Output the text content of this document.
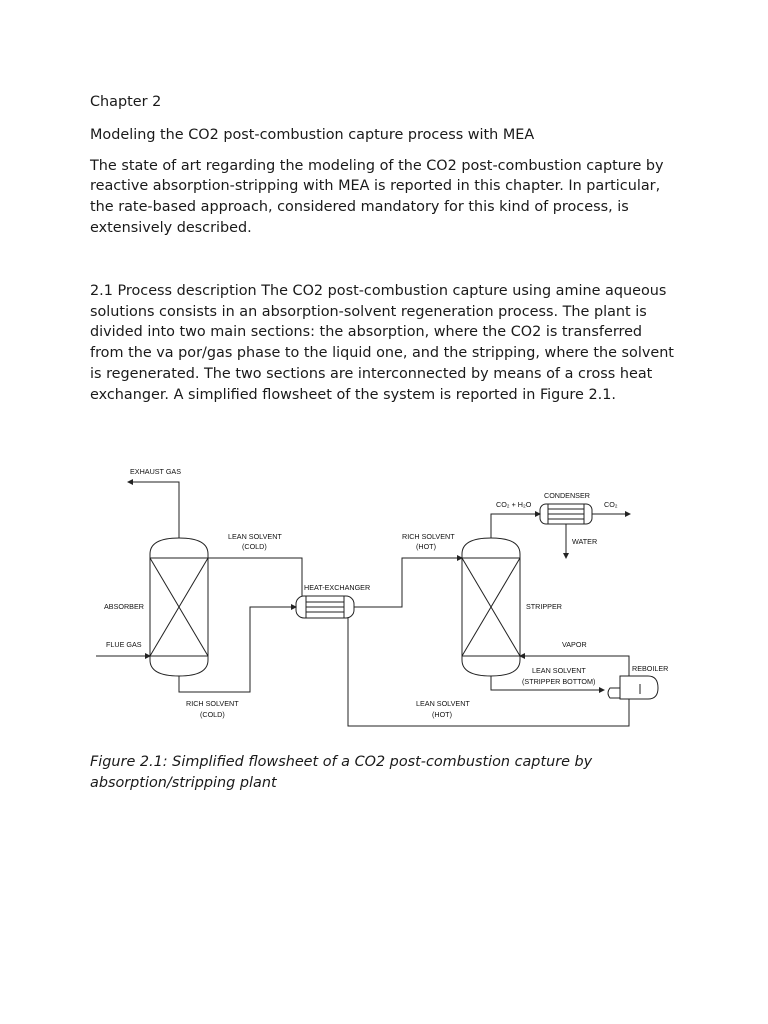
Chapter 2

Modeling the CO2 post-combustion capture process with MEA

The state of art regarding the modeling of the CO2 post-combustion capture by reactive absorption-stripping with MEA is reported in this chapter. In particular, the rate-based approach, considered mandatory for this kind of process, is extensively described.

2.1 Process description The CO2 post-combustion capture using amine aqueous solutions consists in an absorption-solvent regeneration process. The plant is divided into two main sections: the absorption, where the CO2 is transferred from the va por/gas phase to the liquid one, and the stripping, where the solvent is regenerated. The two sections are interconnected by means of a cross heat exchanger. A simplified flowsheet of the system is reported in Figure 2.1.

EXHAUST GAS
ABSORBER
FLUE GAS
LEAN SOLVENT
(COLD)
HEAT-EXCHANGER
RICH SOLVENT
(HOT)
RICH SOLVENT
(COLD)
CONDENSER
CO₂ + H₂O	CO₂
WATER
STRIPPER
VAPOR
REBOILER
LEAN SOLVENT
(STRIPPER BOTTOM)
LEAN SOLVENT
(HOT)

Figure 2.1: Simplified flowsheet of a CO2 post-combustion capture by absorption/stripping plant
